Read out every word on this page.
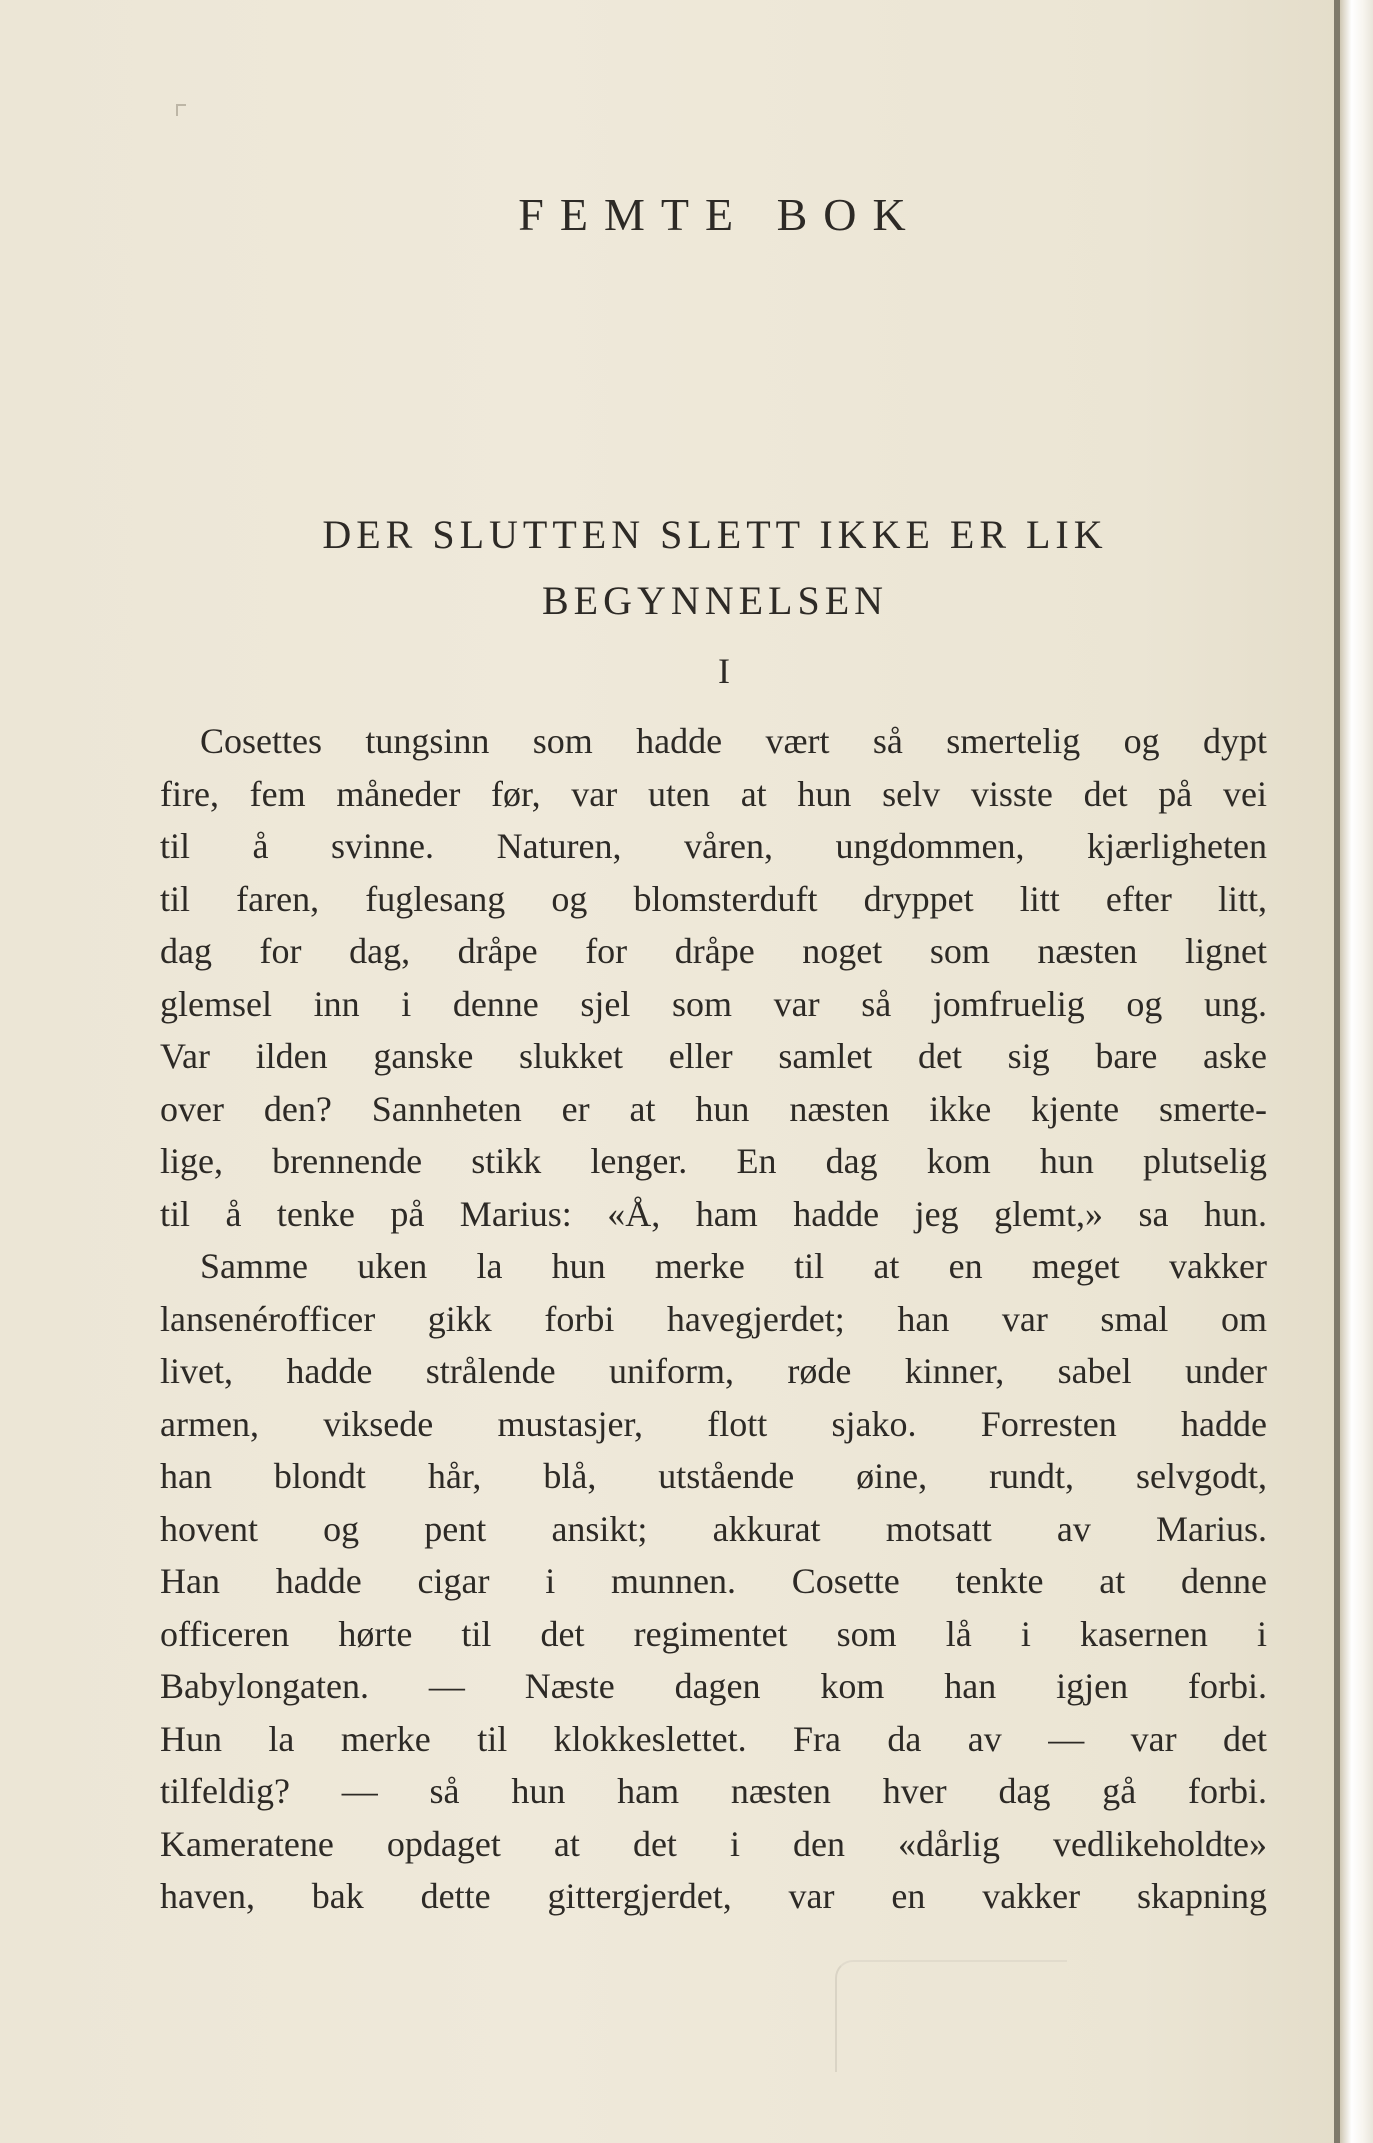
FEMTE BOK
DER SLUTTEN SLETT IKKE ER LIK
BEGYNNELSEN
I
Cosettes tungsinn som hadde vært så smertelig og dypt
fire, fem måneder før, var uten at hun selv visste det på vei
til å svinne. Naturen, våren, ungdommen, kjærligheten
til faren, fuglesang og blomsterduft dryppet litt efter litt,
dag for dag, dråpe for dråpe noget som næsten lignet
glemsel inn i denne sjel som var så jomfruelig og ung.
Var ilden ganske slukket eller samlet det sig bare aske
over den? Sannheten er at hun næsten ikke kjente smerte-
lige, brennende stikk lenger. En dag kom hun plutselig
til å tenke på Marius: «Å, ham hadde jeg glemt,» sa hun.
Samme uken la hun merke til at en meget vakker
lansenérofficer gikk forbi havegjerdet; han var smal om
livet, hadde strålende uniform, røde kinner, sabel under
armen, viksede mustasjer, flott sjako. Forresten hadde
han blondt hår, blå, utstående øine, rundt, selvgodt,
hovent og pent ansikt; akkurat motsatt av Marius.
Han hadde cigar i munnen. Cosette tenkte at denne
officeren hørte til det regimentet som lå i kasernen i
Babylongaten. — Næste dagen kom han igjen forbi.
Hun la merke til klokkeslettet. Fra da av — var det
tilfeldig? — så hun ham næsten hver dag gå forbi.
Kameratene opdaget at det i den «dårlig vedlikeholdte»
haven, bak dette gittergjerdet, var en vakker skapning
